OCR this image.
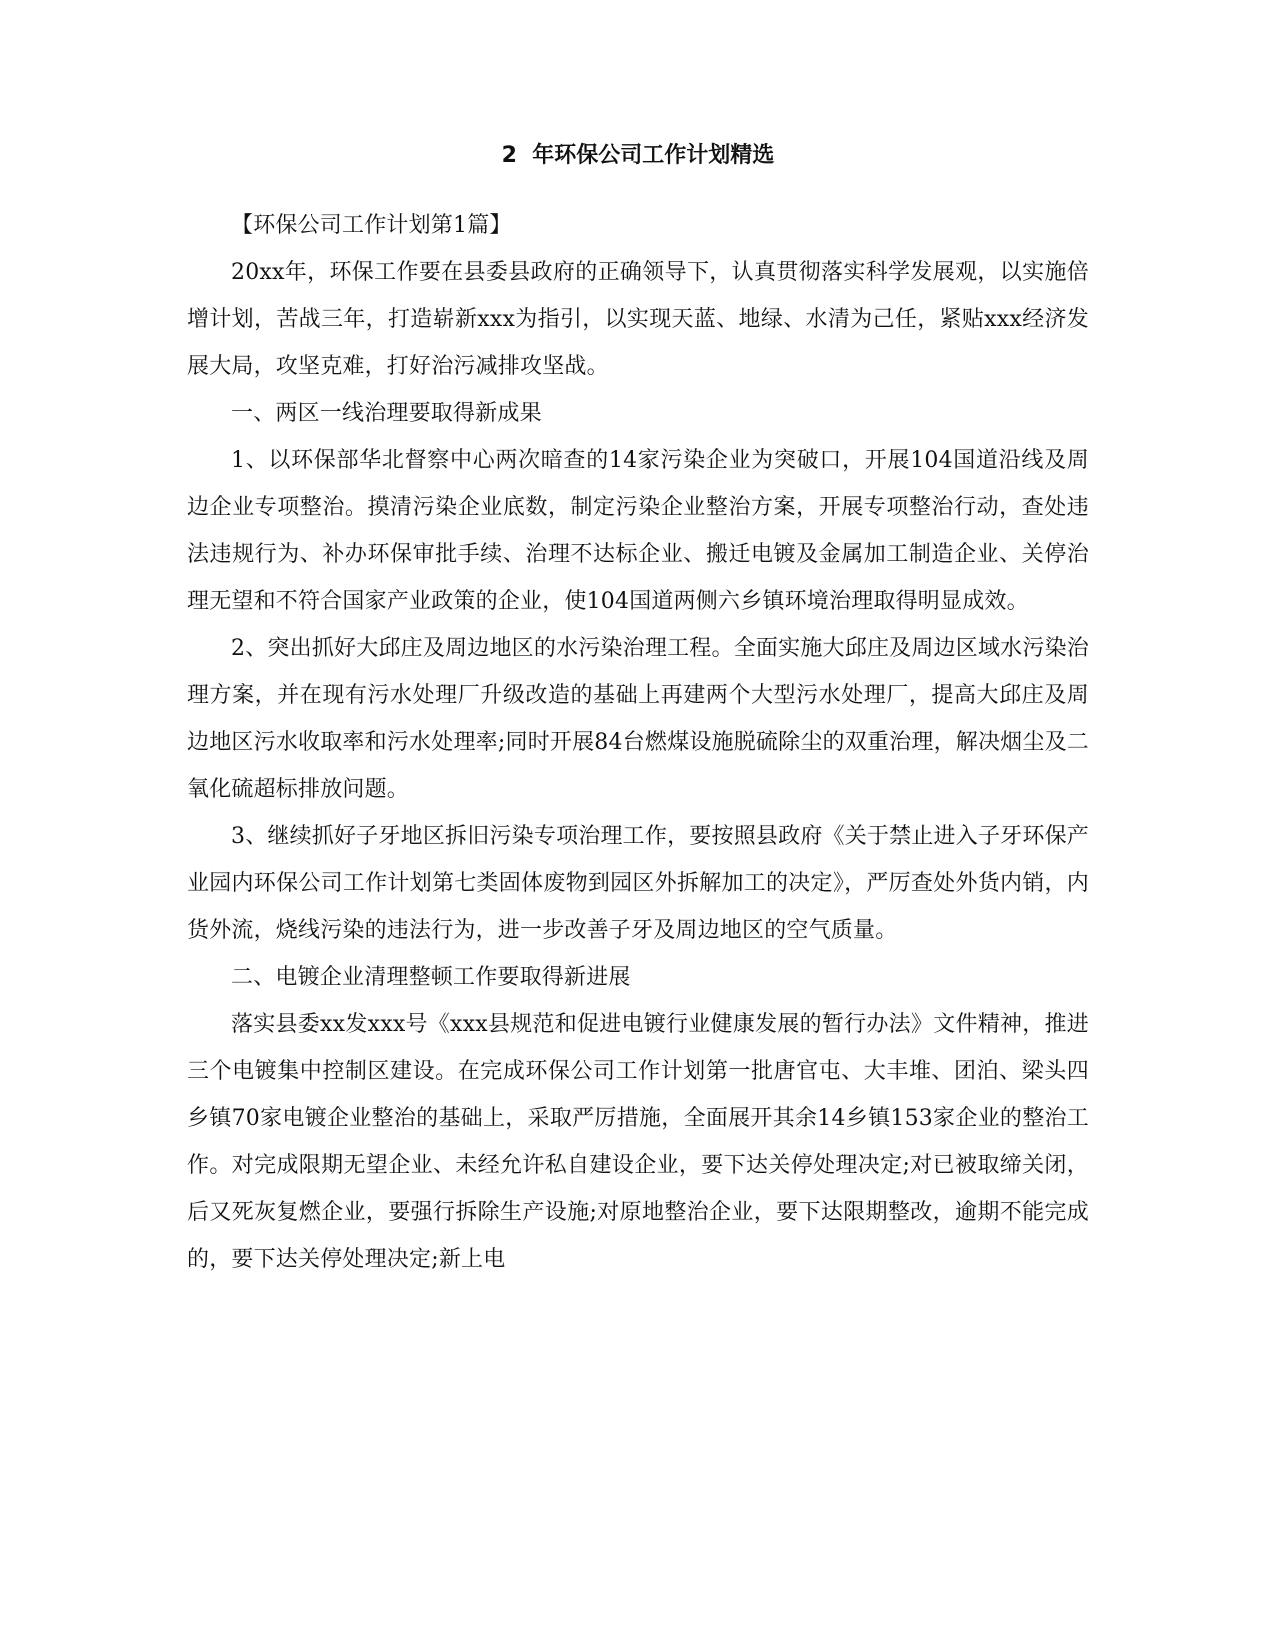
2  年环保公司工作计划精选

【环保公司工作计划第1篇】

20xx年，环保工作要在县委县政府的正确领导下，认真贯彻落实科学发展观，以实施倍增计划，苦战三年，打造崭新xxx为指引，以实现天蓝、地绿、水清为己任，紧贴xxx经济发展大局，攻坚克难，打好治污减排攻坚战。

一、两区一线治理要取得新成果

1、以环保部华北督察中心两次暗查的14家污染企业为突破口，开展104国道沿线及周边企业专项整治。摸清污染企业底数，制定污染企业整治方案，开展专项整治行动，查处违法违规行为、补办环保审批手续、治理不达标企业、搬迁电镀及金属加工制造企业、关停治理无望和不符合国家产业政策的企业，使104国道两侧六乡镇环境治理取得明显成效。

2、突出抓好大邱庄及周边地区的水污染治理工程。全面实施大邱庄及周边区域水污染治理方案，并在现有污水处理厂升级改造的基础上再建两个大型污水处理厂，提高大邱庄及周边地区污水收取率和污水处理率;同时开展84台燃煤设施脱硫除尘的双重治理，解决烟尘及二氧化硫超标排放问题。

3、继续抓好子牙地区拆旧污染专项治理工作，要按照县政府《关于禁止进入子牙环保产业园内环保公司工作计划第七类固体废物到园区外拆解加工的决定》，严厉查处外货内销，内货外流，烧线污染的违法行为，进一步改善子牙及周边地区的空气质量。

二、电镀企业清理整顿工作要取得新进展

落实县委xx发xxx号《xxx县规范和促进电镀行业健康发展的暂行办法》文件精神，推进三个电镀集中控制区建设。在完成环保公司工作计划第一批唐官屯、大丰堆、团泊、梁头四乡镇70家电镀企业整治的基础上，采取严厉措施，全面展开其余14乡镇153家企业的整治工作。对完成限期无望企业、未经允许私自建设企业，要下达关停处理决定;对已被取缔关闭，后又死灰复燃企业，要强行拆除生产设施;对原地整治企业，要下达限期整改，逾期不能完成的，要下达关停处理决定;新上电
